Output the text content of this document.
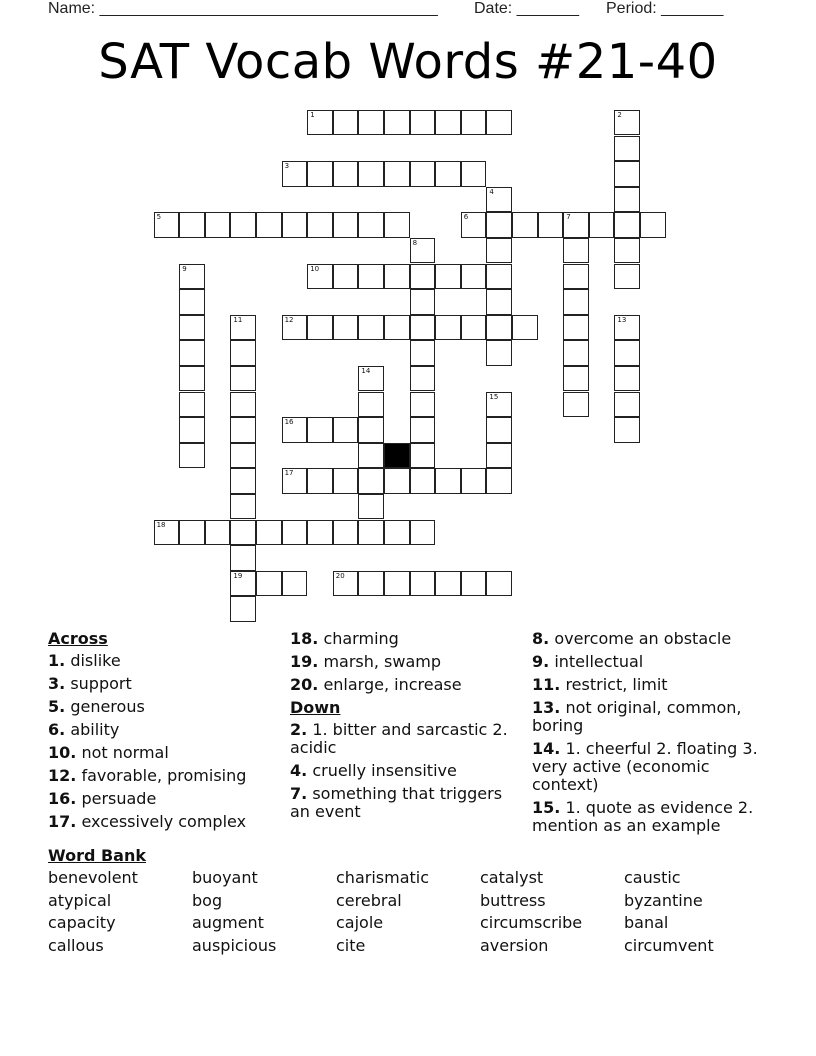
Name: ______________________________________ Date: _______ Period: _______
SAT Vocab Words #21-40
1	2
3
4
5	6	7
8
9	10
11
19
12	13
14
15
16
17
18
20
Across
1. dislike
3. support
5. generous
6. ability
10. not normal
12. favorable, promising
16. persuade
17. excessively complex
18. charming
19. marsh, swamp
20. enlarge, increase
Down
2. 1. bitter and sarcastic 2. acidic
4. cruelly insensitive
7. something that triggers an event
8. overcome an obstacle
9. intellectual
11. restrict, limit
13. not original, common, boring
14. 1. cheerful 2. floating 3. very active (economic context)
15. 1. quote as evidence 2. mention as an example
Word Bank
benevolent	buoyant	charismatic	catalyst	caustic
atypical	bog	cerebral	buttress	byzantine
capacity	augment	cajole	circumscribe	banal
callous	auspicious	cite	aversion	circumvent
